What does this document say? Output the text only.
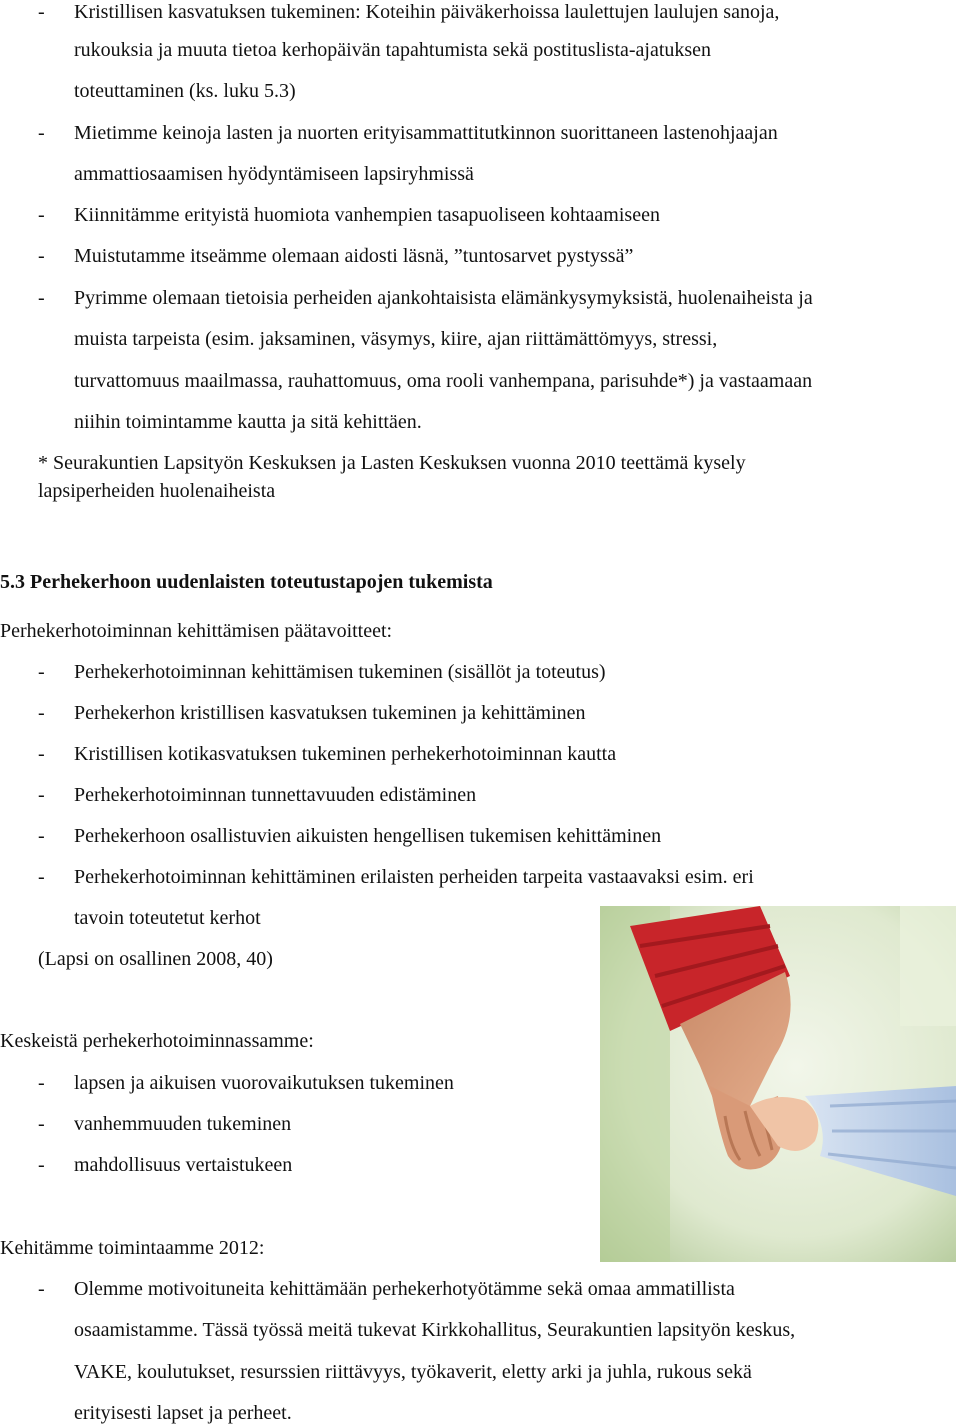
- Kristillisen kasvatuksen tukeminen: Koteihin päiväkerhoissa laulettujen laulujen sanoja,
rukouksia ja muuta tietoa kerhopäivän tapahtumista sekä postituslista-ajatuksen
toteuttaminen (ks. luku 5.3)
- Mietimme keinoja lasten ja nuorten erityisammattitutkinnon suorittaneen lastenohjaajan
ammattiosaamisen hyödyntämiseen lapsiryhmissä
- Kiinnitämme erityistä huomiota vanhempien tasapuoliseen kohtaamiseen
- Muistutamme itseämme olemaan aidosti läsnä, ”tuntosarvet pystyssä”
- Pyrimme olemaan tietoisia perheiden ajankohtaisista elämänkysymyksistä, huolenaiheista ja
muista tarpeista (esim. jaksaminen, väsymys, kiire, ajan riittämättömyys, stressi,
turvattomuus maailmassa, rauhattomuus, oma rooli vanhempana, parisuhde*) ja vastaamaan
niihin toimintamme kautta ja sitä kehittäen.
* Seurakuntien Lapsityön Keskuksen ja Lasten Keskuksen vuonna 2010 teettämä kysely
lapsiperheiden huolenaiheista
5.3 Perhekerhoon uudenlaisten toteutustapojen tukemista
Perhekerhotoiminnan kehittämisen päätavoitteet:
- Perhekerhotoiminnan kehittämisen tukeminen (sisällöt ja toteutus)
- Perhekerhon kristillisen kasvatuksen tukeminen ja kehittäminen
- Kristillisen kotikasvatuksen tukeminen perhekerhotoiminnan kautta
- Perhekerhotoiminnan tunnettavuuden edistäminen
- Perhekerhoon osallistuvien aikuisten hengellisen tukemisen kehittäminen
- Perhekerhotoiminnan kehittäminen erilaisten perheiden tarpeita vastaavaksi esim. eri
tavoin toteutetut kerhot
(Lapsi on osallinen 2008, 40)
Keskeistä perhekerhotoiminnassamme:
- lapsen ja aikuisen vuorovaikutuksen tukeminen
- vanhemmuuden tukeminen
- mahdollisuus vertaistukeen
Kehitämme toimintaamme 2012:
- Olemme motivoituneita kehittämään perhekerhotyötämme sekä omaa ammatillista
osaamistamme. Tässä työssä meitä tukevat Kirkkohallitus, Seurakuntien lapsityön keskus,
VAKE, koulutukset, resurssien riittävyys, työkaverit, eletty arki ja juhla, rukous sekä
erityisesti lapset ja perheet.
